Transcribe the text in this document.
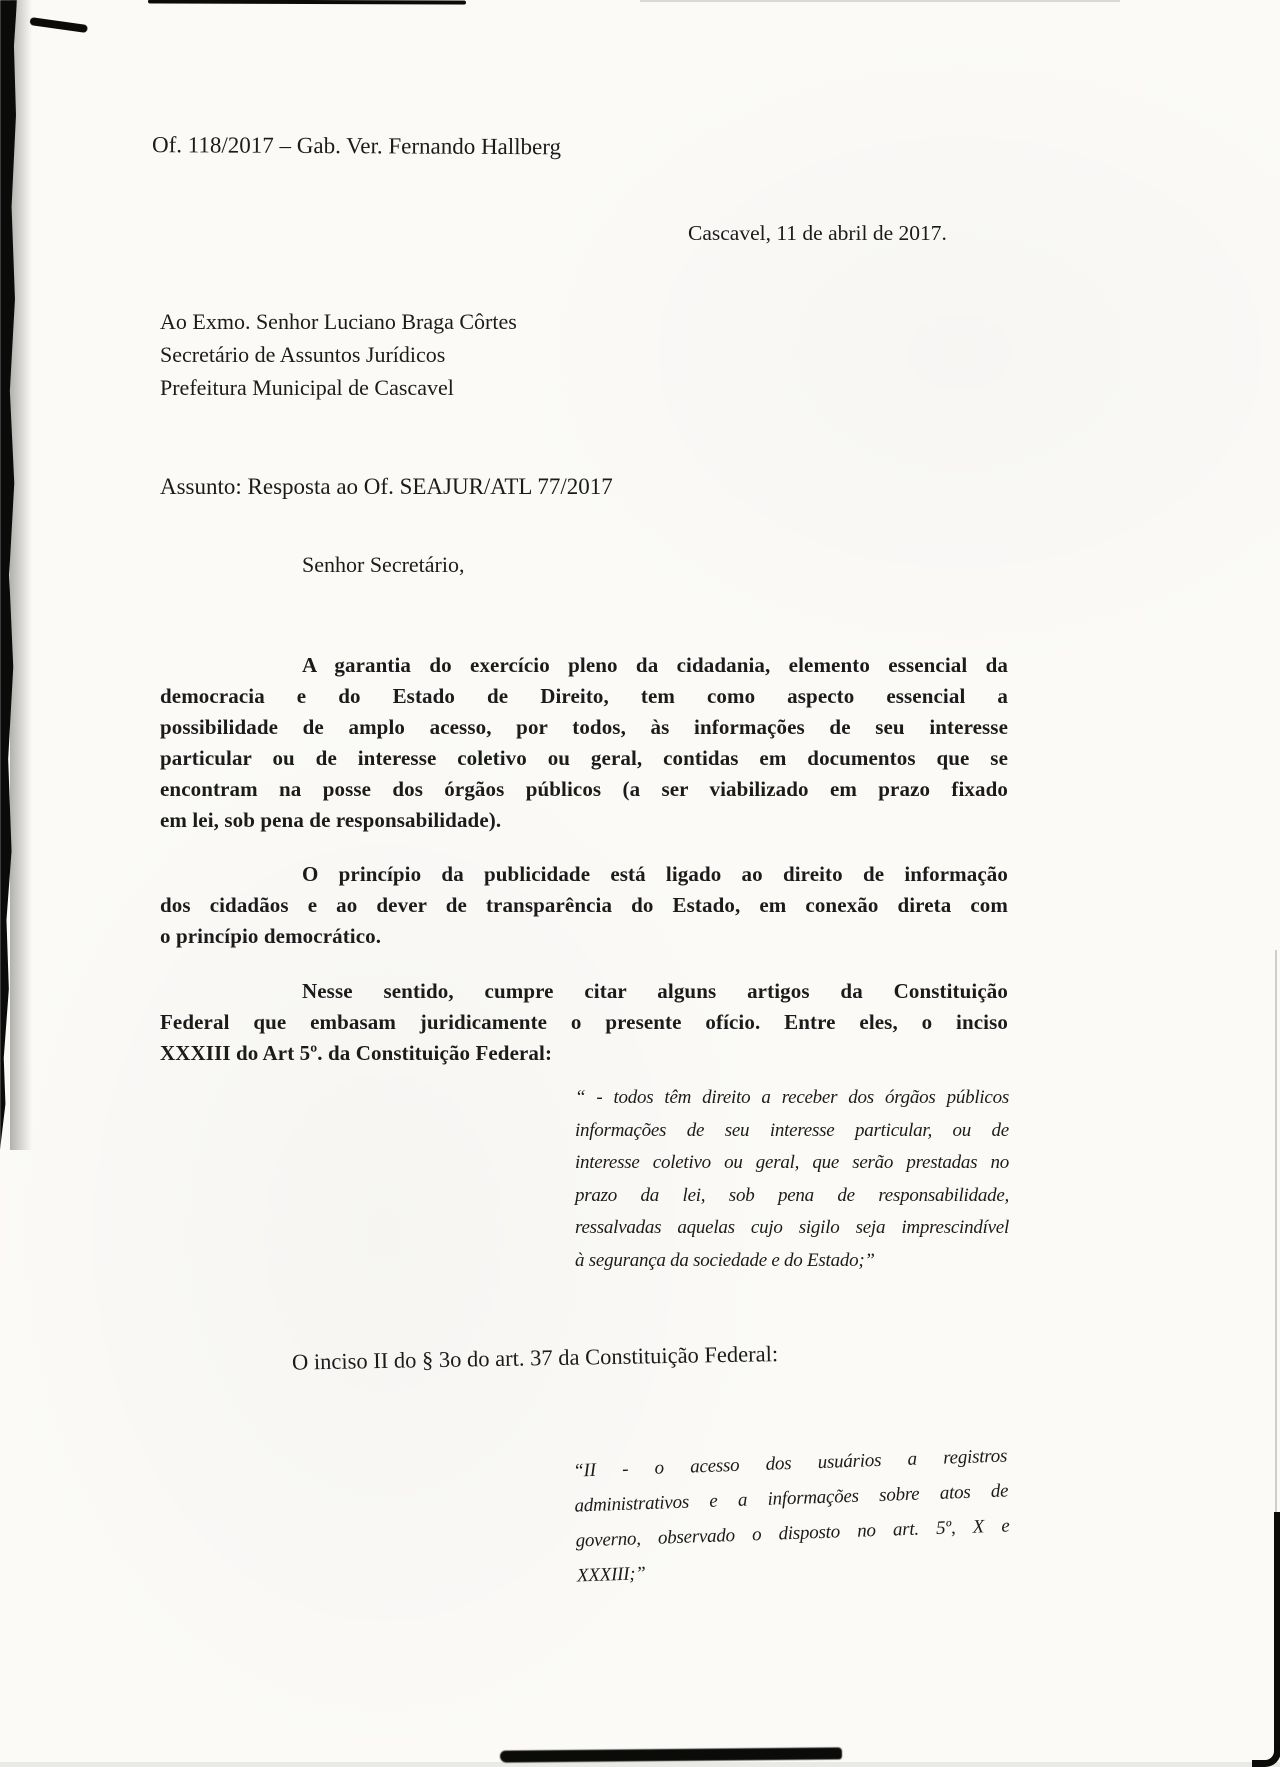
Of. 118/2017 – Gab. Ver. Fernando Hallberg
Cascavel, 11 de abril de 2017.
Ao Exmo. Senhor Luciano Braga Côrtes
Secretário de Assuntos Jurídicos
Prefeitura Municipal de Cascavel
Assunto: Resposta ao Of. SEAJUR/ATL 77/2017
Senhor Secretário,
A garantia do exercício pleno da cidadania, elemento essencial da
democracia e do Estado de Direito, tem como aspecto essencial a
possibilidade de amplo acesso, por todos, às informações de seu interesse
particular ou de interesse coletivo ou geral, contidas em documentos que se
encontram na posse dos órgãos públicos (a ser viabilizado em prazo fixado
em lei, sob pena de responsabilidade).
O princípio da publicidade está ligado ao direito de informação
dos cidadãos e ao dever de transparência do Estado, em conexão direta com
o princípio democrático.
Nesse sentido, cumpre citar alguns artigos da Constituição
Federal que embasam juridicamente o presente ofício. Entre eles, o inciso
XXXIII do Art 5º. da Constituição Federal:
“ - todos têm direito a receber dos órgãos públicos
informações de seu interesse particular, ou de
interesse coletivo ou geral, que serão prestadas no
prazo da lei, sob pena de responsabilidade,
ressalvadas aquelas cujo sigilo seja imprescindível
à segurança da sociedade e do Estado;”
O inciso II do § 3o do art. 37 da Constituição Federal:
“II - o acesso dos usuários a registros
administrativos e a informações sobre atos de
governo, observado o disposto no art. 5º, X e
XXXIII;”
